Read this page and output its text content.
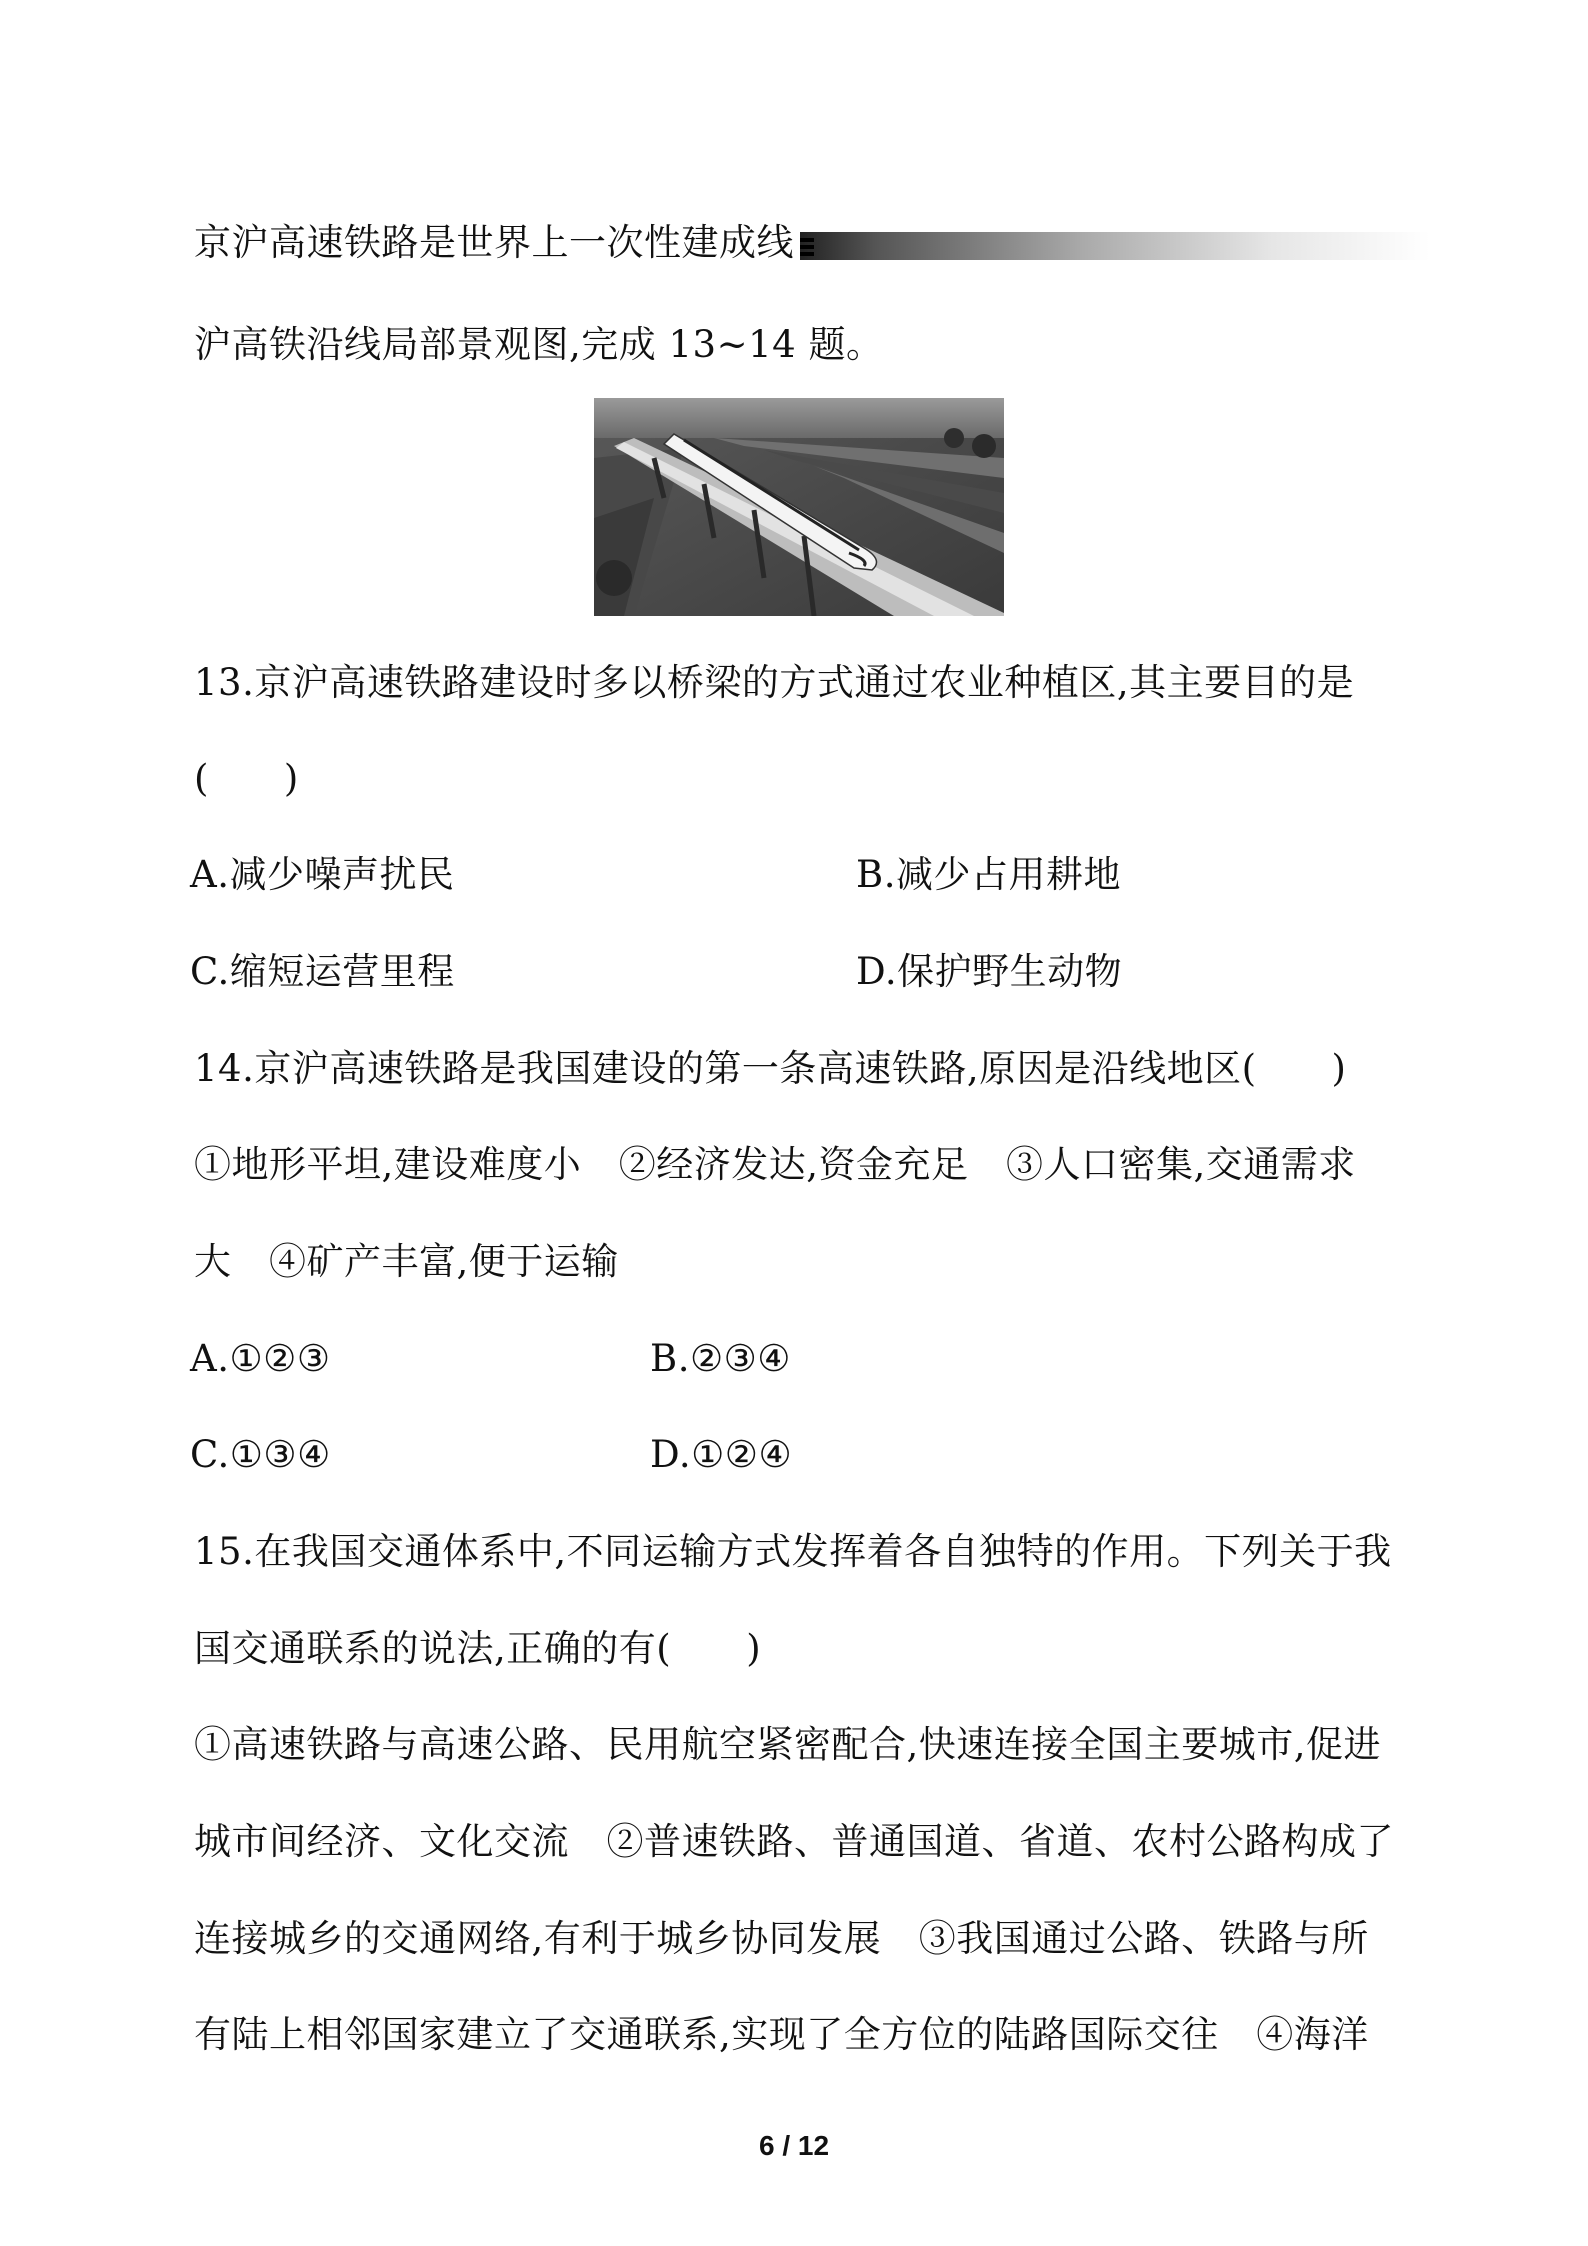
京沪高速铁路是世界上一次性建成线
沪高铁沿线局部景观图,完成 13~14 题。
13.京沪高速铁路建设时多以桥梁的方式通过农业种植区,其主要目的是
(　　)
A.减少噪声扰民	B.减少占用耕地
C.缩短运营里程	D.保护野生动物
14.京沪高速铁路是我国建设的第一条高速铁路,原因是沿线地区(　　)
①地形平坦,建设难度小　②经济发达,资金充足　③人口密集,交通需求
大　④矿产丰富,便于运输
A.①②③	B.②③④
C.①③④	D.①②④
15.在我国交通体系中,不同运输方式发挥着各自独特的作用。下列关于我
国交通联系的说法,正确的有(　　)
①高速铁路与高速公路、民用航空紧密配合,快速连接全国主要城市,促进
城市间经济、文化交流　②普速铁路、普通国道、省道、农村公路构成了
连接城乡的交通网络,有利于城乡协同发展　③我国通过公路、铁路与所
有陆上相邻国家建立了交通联系,实现了全方位的陆路国际交往　④海洋
6 / 12
